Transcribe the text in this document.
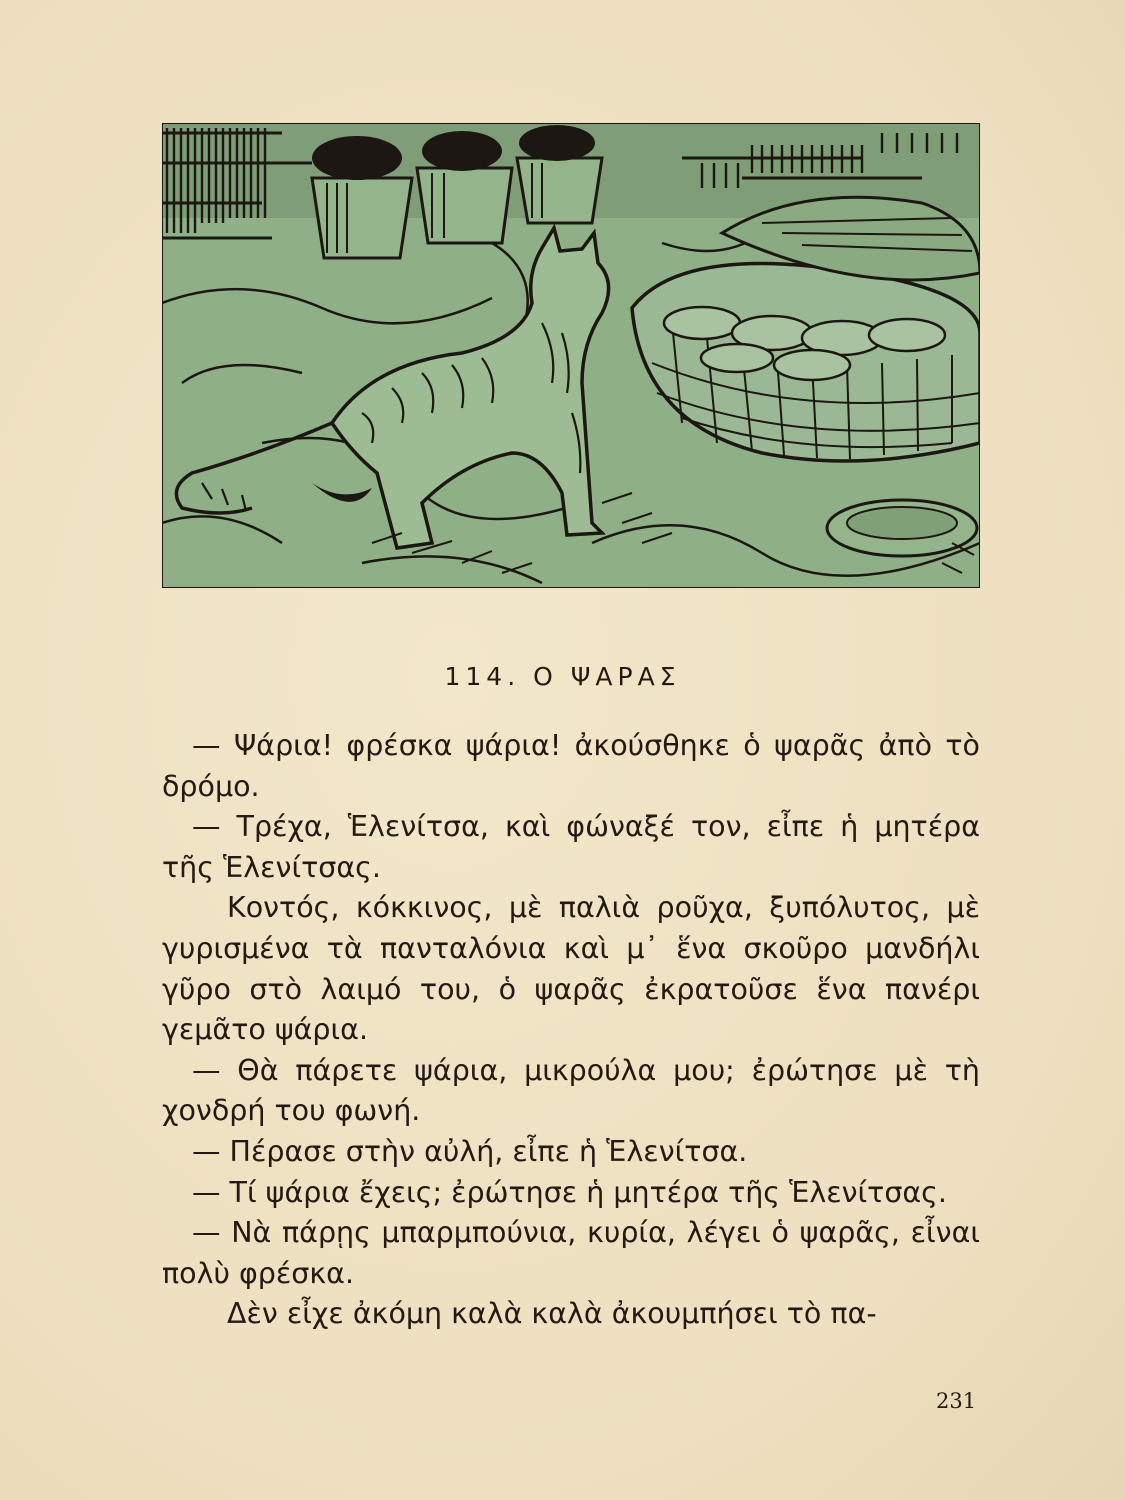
114. Ο ΨΑΡΑΣ

— Ψάρια! φρέσκα ψάρια! ἀκούσθηκε ὁ ψαρᾶς ἀπὸ τὸ δρόμο.

— Τρέχα, Ἑλενίτσα, καὶ φώναξέ τον, εἶπε ἡ μητέρα τῆς Ἑλενίτσας.

Κοντός, κόκκινος, μὲ παλιὰ ροῦχα, ξυπόλυτος, μὲ γυρισμένα τὰ πανταλόνια καὶ μ᾿ ἕνα σκοῦρο μανδήλι γῦρο στὸ λαιμό του, ὁ ψαρᾶς ἐκρατοῦσε ἕνα πανέρι γεμᾶτο ψάρια.

— Θὰ πάρετε ψάρια, μικρούλα μου; ἐρώτησε μὲ τὴ χονδρή του φωνή.

— Πέρασε στὴν αὐλή, εἶπε ἡ Ἑλενίτσα.

— Τί ψάρια ἔχεις; ἐρώτησε ἡ μητέρα τῆς Ἑλενίτσας.

— Νὰ πάρῃς μπαρμπούνια, κυρία, λέγει ὁ ψαρᾶς, εἶναι πολὺ φρέσκα.

Δὲν εἶχε ἀκόμη καλὰ καλὰ ἀκουμπήσει τὸ πα-

231
